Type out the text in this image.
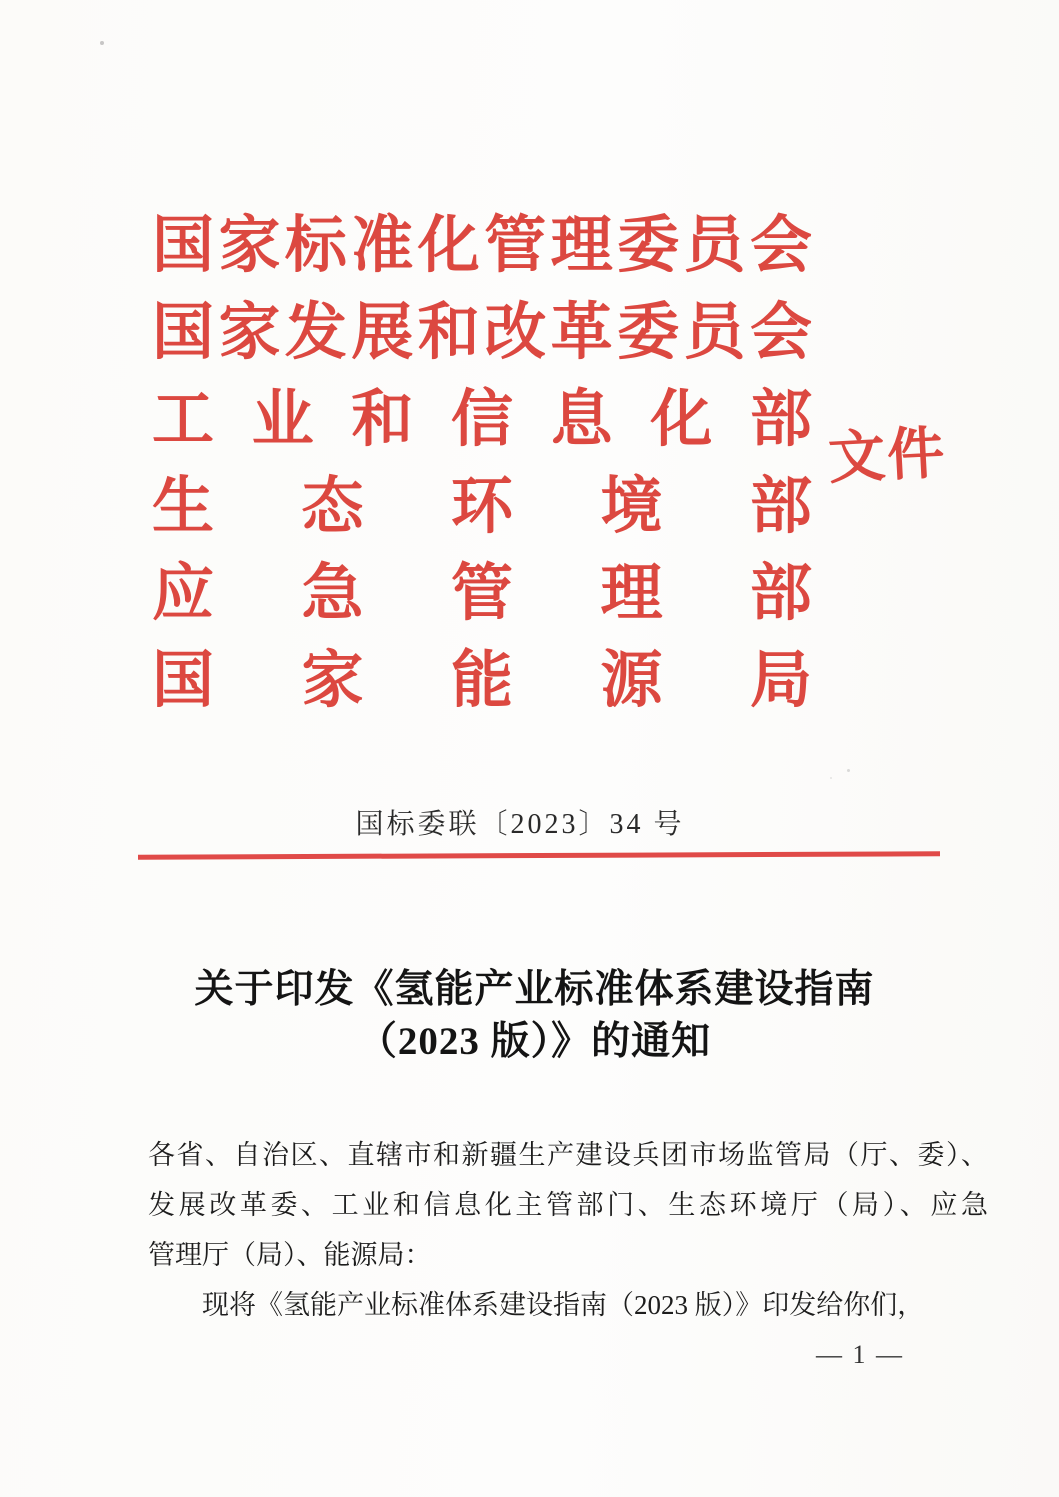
国家标准化管理委员会
国家发展和改革委员会
工业和信息化部
生态环境部
应急管理部
国家能源局
文件
国标委联〔2023〕34 号
关于印发《氢能产业标准体系建设指南
（2023 版）》的通知
各省、自治区、直辖市和新疆生产建设兵团市场监管局（厅、委）、
发展改革委、工业和信息化主管部门、生态环境厅（局）、应急
管理厅（局）、能源局：
现将《氢能产业标准体系建设指南（2023 版）》印发给你们，
— 1 —
